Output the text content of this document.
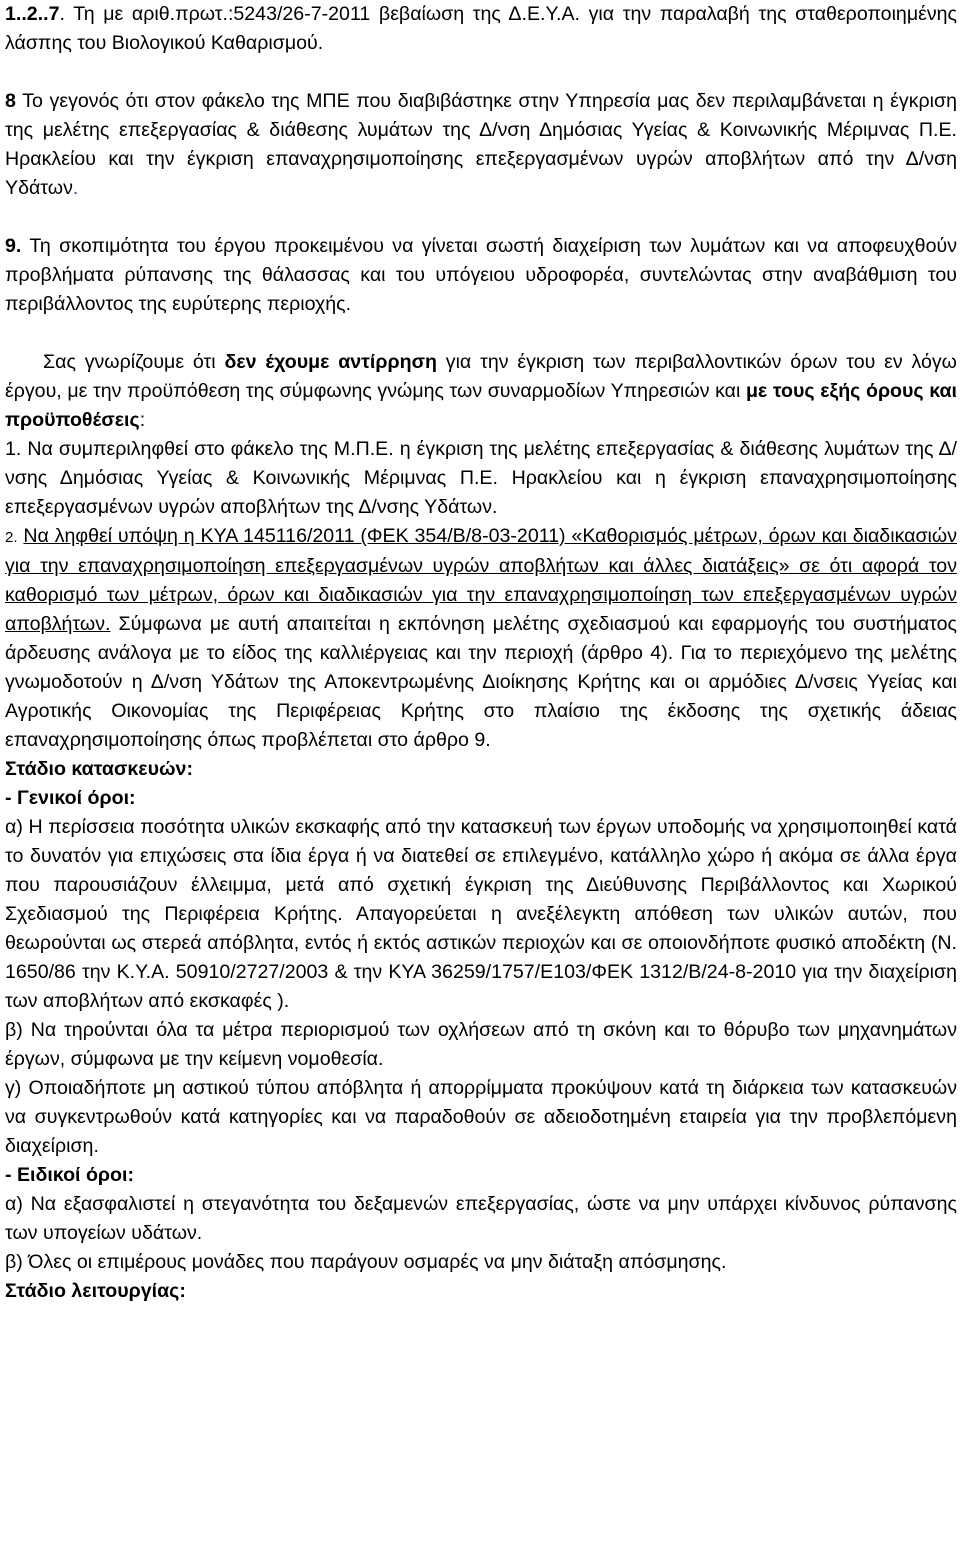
1..2..7. Τη με αριθ.πρωτ.:5243/26-7-2011 βεβαίωση της Δ.Ε.Υ.Α. για την παραλαβή της σταθεροποιημένης λάσπης του Βιολογικού Καθαρισμού.

8 Το γεγονός ότι στον φάκελο της ΜΠΕ που διαβιβάστηκε στην Υπηρεσία μας δεν περιλαμβάνεται η έγκριση της μελέτης επεξεργασίας & διάθεσης λυμάτων της Δ/νση Δημόσιας Υγείας & Κοινωνικής Μέριμνας Π.Ε. Ηρακλείου και την έγκριση επαναχρησιμοποίησης επεξεργασμένων υγρών αποβλήτων από την Δ/νση Υδάτων.

9. Τη σκοπιμότητα του έργου προκειμένου να γίνεται σωστή διαχείριση των λυμάτων και να αποφευχθούν προβλήματα ρύπανσης της θάλασσας και του υπόγειου υδροφορέα, συντελώντας στην αναβάθμιση του περιβάλλοντος της ευρύτερης περιοχής.

Σας γνωρίζουμε ότι δεν έχουμε αντίρρηση για την έγκριση των περιβαλλοντικών όρων του εν λόγω έργου, με την προϋπόθεση της σύμφωνης γνώμης των συναρμοδίων Υπηρεσιών και με τους εξής όρους και προϋποθέσεις:

1. Να συμπεριληφθεί στο φάκελο της Μ.Π.Ε. η έγκριση της μελέτης επεξεργασίας & διάθεσης λυμάτων της Δ/νσης Δημόσιας Υγείας & Κοινωνικής Μέριμνας Π.Ε. Ηρακλείου και η έγκριση επαναχρησιμοποίησης επεξεργασμένων υγρών αποβλήτων της Δ/νσης Υδάτων.

2. Να ληφθεί υπόψη η ΚΥΑ 145116/2011 (ΦΕΚ 354/Β/8-03-2011) «Καθορισμός μέτρων, όρων και διαδικασιών για την επαναχρησιμοποίηση επεξεργασμένων υγρών αποβλήτων και άλλες διατάξεις» σε ότι αφορά τον καθορισμό των μέτρων, όρων και διαδικασιών για την επαναχρησιμοποίηση των επεξεργασμένων υγρών αποβλήτων. Σύμφωνα με αυτή απαιτείται η εκπόνηση μελέτης σχεδιασμού και εφαρμογής του συστήματος άρδευσης ανάλογα με το είδος της καλλιέργειας και την περιοχή (άρθρο 4). Για το περιεχόμενο της μελέτης γνωμοδοτούν η Δ/νση Υδάτων της Αποκεντρωμένης Διοίκησης Κρήτης και οι αρμόδιες Δ/νσεις Υγείας και Αγροτικής Οικονομίας της Περιφέρειας Κρήτης στο πλαίσιο της έκδοσης της σχετικής άδειας επαναχρησιμοποίησης όπως προβλέπεται στο άρθρο 9.

Στάδιο κατασκευών:

- Γενικοί όροι:

α) Η περίσσεια ποσότητα υλικών εκσκαφής από την κατασκευή των έργων υποδομής να χρησιμοποιηθεί κατά το δυνατόν για επιχώσεις στα ίδια έργα ή να διατεθεί σε επιλεγμένο, κατάλληλο χώρο ή ακόμα σε άλλα έργα που παρουσιάζουν έλλειμμα, μετά από σχετική έγκριση της Διεύθυνσης Περιβάλλοντος και Χωρικού Σχεδιασμού της Περιφέρεια Κρήτης. Απαγορεύεται η ανεξέλεγκτη απόθεση των υλικών αυτών, που θεωρούνται ως στερεά απόβλητα, εντός ή εκτός αστικών περιοχών και σε οποιονδήποτε φυσικό αποδέκτη (Ν. 1650/86 την Κ.Υ.Α. 50910/2727/2003 & την ΚΥΑ 36259/1757/Ε103/ΦΕΚ 1312/Β/24-8-2010 για την διαχείριση των αποβλήτων από εκσκαφές ).

β) Να τηρούνται όλα τα μέτρα περιορισμού των οχλήσεων από τη σκόνη και το θόρυβο των μηχανημάτων έργων, σύμφωνα με την κείμενη νομοθεσία.

γ) Οποιαδήποτε μη αστικού τύπου απόβλητα ή απορρίμματα προκύψουν κατά τη διάρκεια των κατασκευών να συγκεντρωθούν κατά κατηγορίες και να παραδοθούν σε αδειοδοτημένη εταιρεία για την προβλεπόμενη διαχείριση.

- Ειδικοί όροι:

α) Να εξασφαλιστεί η στεγανότητα του δεξαμενών επεξεργασίας, ώστε να μην υπάρχει κίνδυνος ρύπανσης των υπογείων υδάτων.

β) Όλες οι επιμέρους μονάδες που παράγουν οσμαρές να μην διάταξη απόσμησης.

Στάδιο λειτουργίας:
